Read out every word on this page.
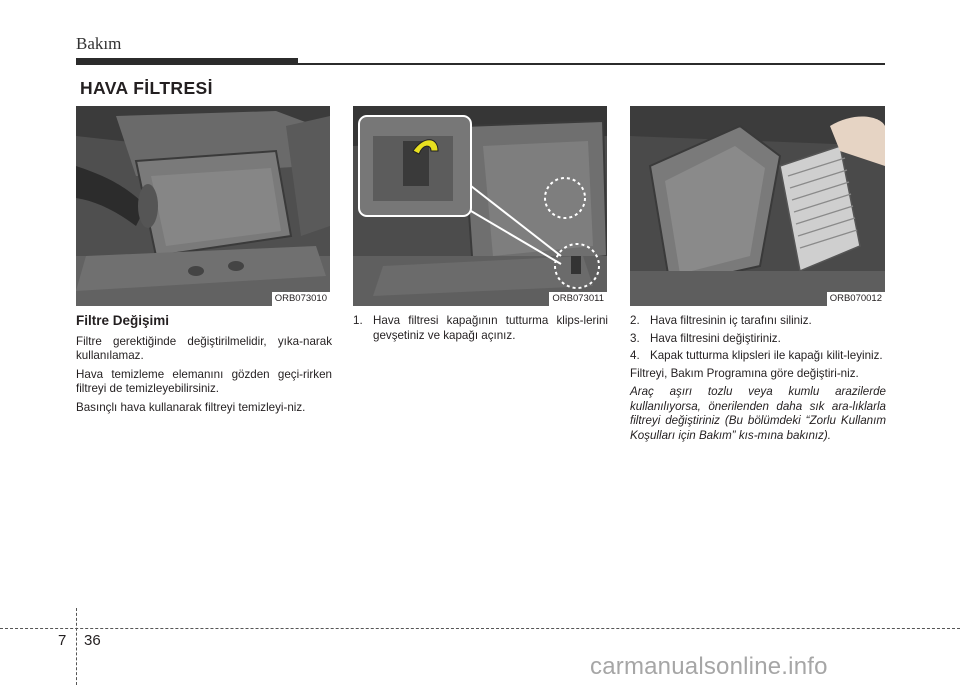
Bakım
HAVA FİLTRESİ
ORB073010	ORB073011	ORB070012
Filtre Değişimi

Filtre gerektiğinde değiştirilmelidir, yıka-narak kullanılamaz.

Hava temizleme elemanını gözden geçi-rirken filtreyi de temizleyebilirsiniz.

Basınçlı hava kullanarak filtreyi temizleyi-niz.

1. Hava filtresi kapağının tutturma klips-lerini gevşetiniz ve kapağı açınız.
2. Hava filtresinin iç tarafını siliniz.
3. Hava filtresini değiştiriniz.
4. Kapak tutturma klipsleri ile kapağı kilit-leyiniz.

Filtreyi, Bakım Programına göre değiştiri-niz.

Araç aşırı tozlu veya kumlu arazilerde kullanılıyorsa, önerilenden daha sık ara-lıklarla filtreyi değiştiriniz (Bu bölümdeki “Zorlu Kullanım Koşulları için Bakım” kıs-mına bakınız).

7 36
carmanualsonline.info
